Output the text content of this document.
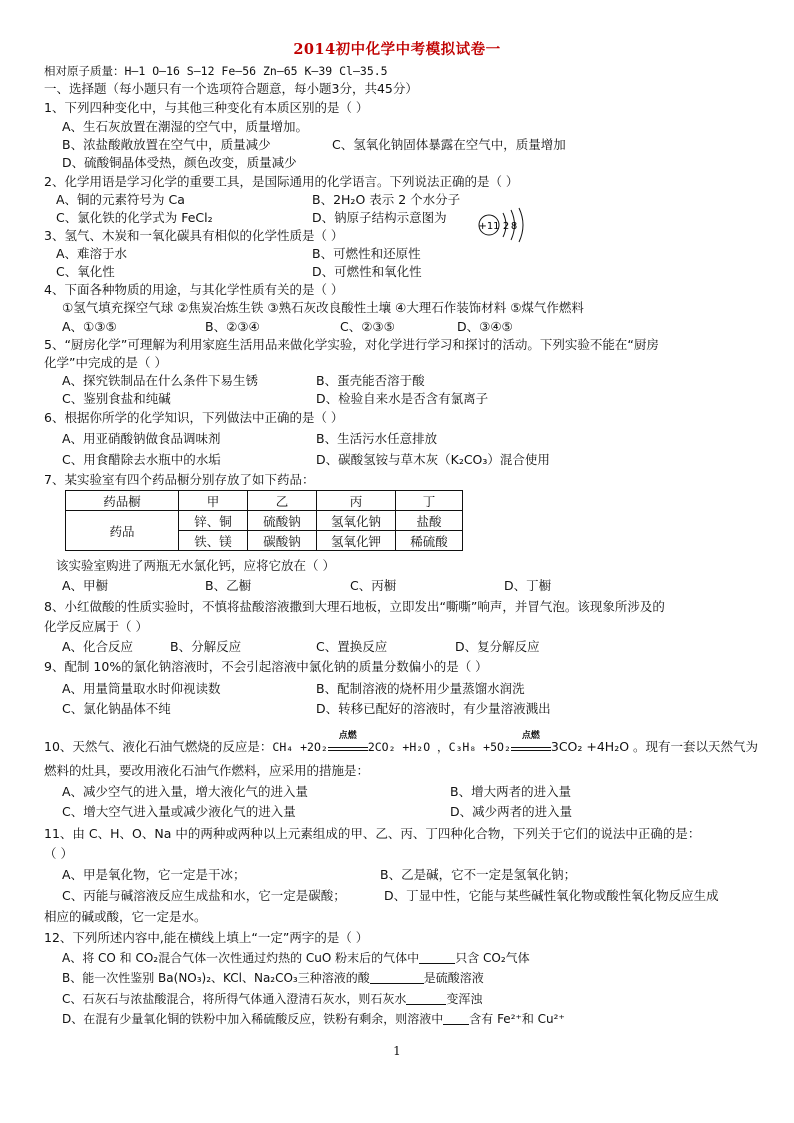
2014初中化学中考模拟试卷一
相对原子质量：H—1 O—16 S—12 Fe—56 Zn—65 K—39 Cl—35.5
一、选择题（每小题只有一个选项符合题意，每小题3分，共45分）
1、下列四种变化中，与其他三种变化有本质区别的是（ ）
A、生石灰放置在潮湿的空气中，质量增加。
B、浓盐酸敞放置在空气中，质量减少	C、氢氧化钠固体暴露在空气中，质量增加
D、硫酸铜晶体受热，颜色改变，质量减少
2、化学用语是学习化学的重要工具，是国际通用的化学语言。下列说法正确的是（ ）
A、铜的元素符号为 Ca	B、2H₂O 表示 2 个水分子
C、氯化铁的化学式为 FeCl₂	D、钠原子结构示意图为
+11 2 8
3、氢气、木炭和一氧化碳具有相似的化学性质是（ ）
A、难溶于水	B、可燃性和还原性
C、氧化性	D、可燃性和氧化性
4、下面各种物质的用途，与其化学性质有关的是（ ）
①氢气填充探空气球 ②焦炭冶炼生铁 ③熟石灰改良酸性土壤 ④大理石作装饰材料 ⑤煤气作燃料
A、①③⑤	B、②③④	C、②③⑤	D、③④⑤
5、“厨房化学”可理解为利用家庭生活用品来做化学实验，对化学进行学习和探讨的活动。下列实验不能在“厨房
化学”中完成的是（ ）
A、探究铁制品在什么条件下易生锈	B、蛋壳能否溶于酸
C、鉴别食盐和纯碱	D、检验自来水是否含有氯离子
6、根据你所学的化学知识，下列做法中正确的是（ ）
A、用亚硝酸钠做食品调味剂	B、生活污水任意排放
C、用食醋除去水瓶中的水垢	D、碳酸氢铵与草木灰（K₂CO₃）混合使用
7、某实验室有四个药品橱分别存放了如下药品：
药品橱	甲	乙	丙	丁
药品	锌、铜	硫酸钠	氢氧化钠	盐酸
	铁、镁	碳酸钠	氢氧化钾	稀硫酸
该实验室购进了两瓶无水氯化钙，应将它放在（ ）
A、甲橱	B、乙橱	C、丙橱	D、丁橱
8、小红做酸的性质实验时，不慎将盐酸溶液撒到大理石地板，立即发出“嘶嘶”响声，并冒气泡。该现象所涉及的
化学反应属于（ ）
A、化合反应	B、分解反应	C、置换反应	D、复分解反应
9、配制 10%的氯化钠溶液时，不会引起溶液中氯化钠的质量分数偏小的是（ ）
A、用量筒量取水时仰视读数	B、配制溶液的烧杯用少量蒸馏水润洗
C、氯化钠晶体不纯	D、转移已配好的溶液时，有少量溶液溅出
10、天然气、液化石油气燃烧的反应是：CH₄ +2O₂
点燃
2CO₂ +H₂O ，C₃H₈ +5O₂
点燃
3CO₂ +4H₂O 。现有一套以天然气为
燃料的灶具，要改用液化石油气作燃料，应采用的措施是：
A、减少空气的进入量，增大液化气的进入量	B、增大两者的进入量
C、增大空气进入量或减少液化气的进入量	D、减少两者的进入量
11、由 C、H、O、Na 中的两种或两种以上元素组成的甲、乙、丙、丁四种化合物，下列关于它们的说法中正确的是：
（ ）
A、甲是氧化物，它一定是干冰；	B、乙是碱，它不一定是氢氧化钠；
C、丙能与碱溶液反应生成盐和水，它一定是碳酸；	D、丁显中性，它能与某些碱性氧化物或酸性氧化物反应生成
相应的碱或酸，它一定是水。
12、下列所述内容中,能在横线上填上“一定”两字的是（ ）
A、将 CO 和 CO₂混合气体一次性通过灼热的 CuO 粉末后的气体中	只含 CO₂气体
B、能一次性鉴别 Ba(NO₃)₂、KCl、Na₂CO₃三种溶液的酸	是硫酸溶液
C、石灰石与浓盐酸混合，将所得气体通入澄清石灰水，则石灰水	变浑浊
D、在混有少量氧化铜的铁粉中加入稀硫酸反应，铁粉有剩余，则溶液中 含有 Fe²⁺和 Cu²⁺
1
